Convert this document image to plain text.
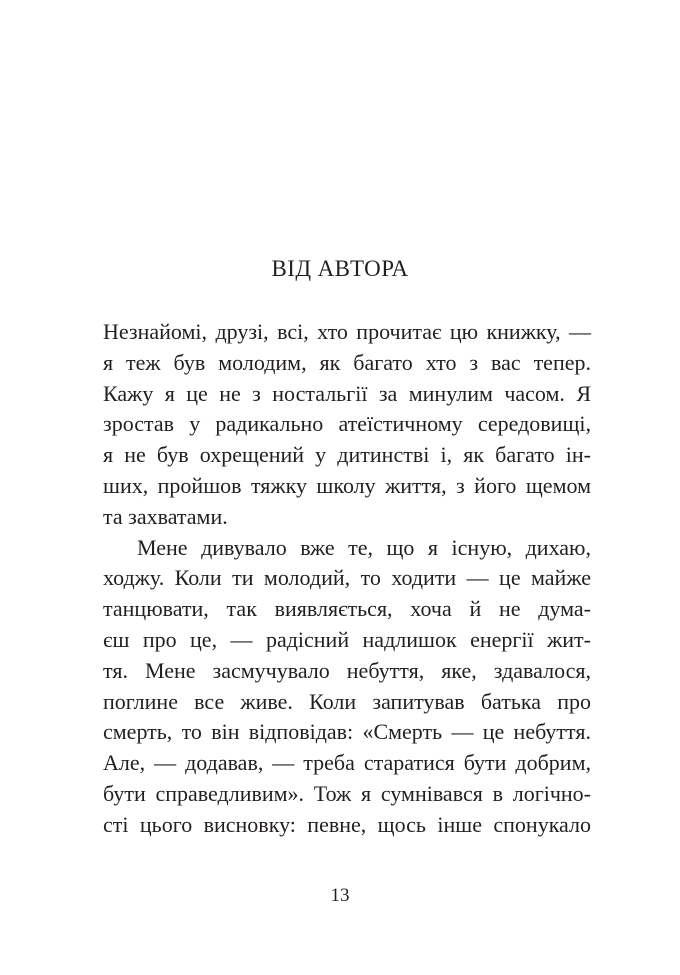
ВІД АВТОРА
Незнайомі, друзі, всі, хто прочитає цю книжку, —
я теж був молодим, як багато хто з вас тепер.
Кажу я це не з ностальгії за минулим часом. Я
зростав у радикально атеїстичному середовищі,
я не був охрещений у дитинстві і, як багато ін-
ших, пройшов тяжку школу життя, з його щемом
та захватами.
Мене дивувало вже те, що я існую, дихаю,
ходжу. Коли ти молодий, то ходити — це майже
танцювати, так виявляється, хоча й не дума-
єш про це, — радісний надлишок енергії жит-
тя. Мене засмучувало небуття, яке, здавалося,
поглине все живе. Коли запитував батька про
смерть, то він відповідав: «Смерть — це небуття.
Але, — додавав, — треба старатися бути добрим,
бути справедливим». Тож я сумнівався в логічно-
сті цього висновку: певне, щось інше спонукало
13
